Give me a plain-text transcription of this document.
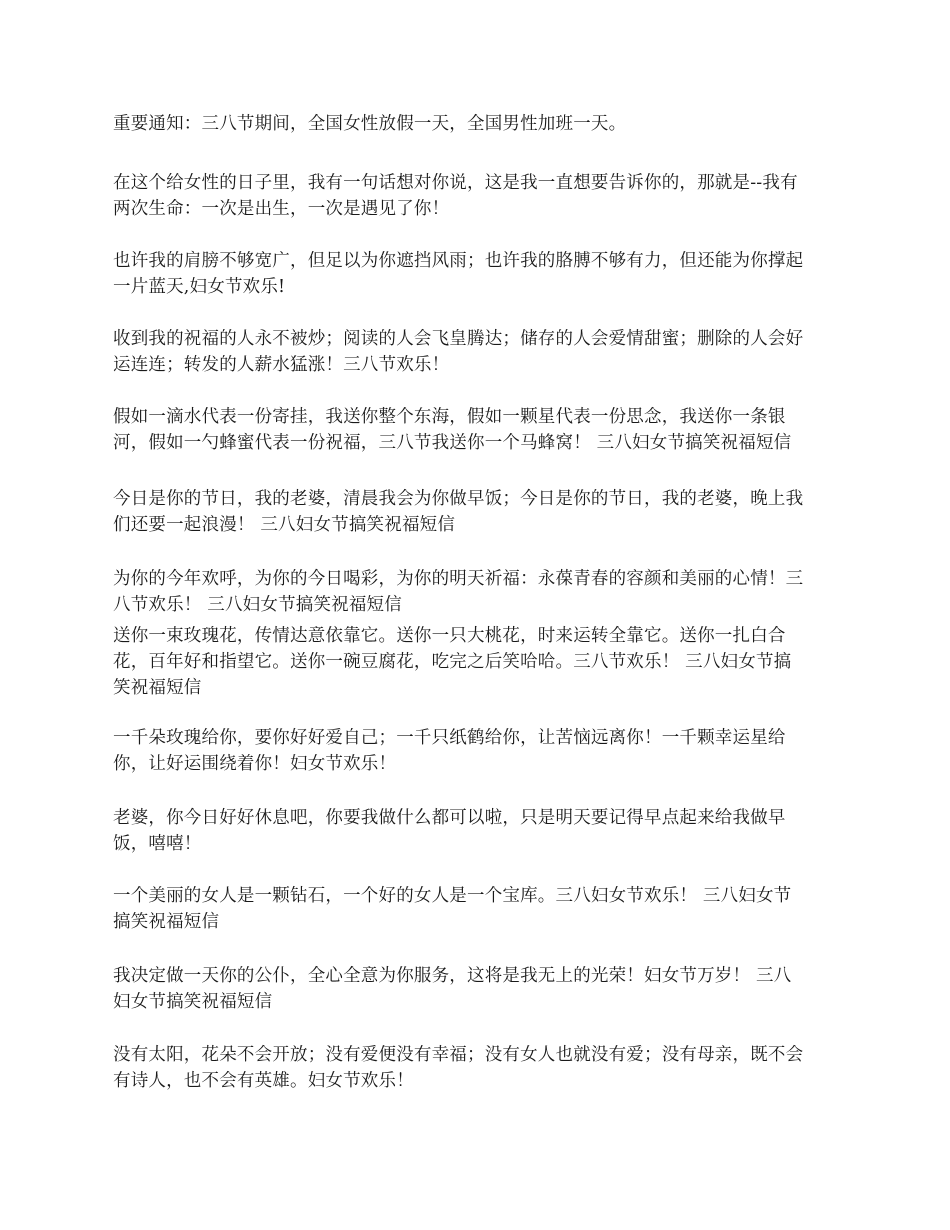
重要通知：三八节期间，全国女性放假一天，全国男性加班一天。

在这个给女性的日子里，我有一句话想对你说，这是我一直想要告诉你的，那就是--我有
两次生命：一次是出生，一次是遇见了你！

也许我的肩膀不够宽广，但足以为你遮挡风雨；也许我的胳膊不够有力，但还能为你撑起
一片蓝天,妇女节欢乐!

收到我的祝福的人永不被炒；阅读的人会飞皇腾达；储存的人会爱情甜蜜；删除的人会好
运连连；转发的人薪水猛涨！三八节欢乐！

假如一滴水代表一份寄挂，我送你整个东海，假如一颗星代表一份思念，我送你一条银
河，假如一勺蜂蜜代表一份祝福，三八节我送你一个马蜂窝！ 三八妇女节搞笑祝福短信

今日是你的节日，我的老婆，清晨我会为你做早饭；今日是你的节日，我的老婆，晚上我
们还要一起浪漫！ 三八妇女节搞笑祝福短信

为你的今年欢呼，为你的今日喝彩，为你的明天祈福：永葆青春的容颜和美丽的心情！三
八节欢乐！ 三八妇女节搞笑祝福短信

送你一束玫瑰花，传情达意依靠它。送你一只大桃花，时来运转全靠它。送你一扎白合
花，百年好和指望它。送你一碗豆腐花，吃完之后笑哈哈。三八节欢乐！ 三八妇女节搞
笑祝福短信

一千朵玫瑰给你，要你好好爱自己；一千只纸鹤给你，让苦恼远离你！一千颗幸运星给
你，让好运围绕着你！妇女节欢乐！

老婆，你今日好好休息吧，你要我做什么都可以啦，只是明天要记得早点起来给我做早
饭，嘻嘻！

一个美丽的女人是一颗钻石，一个好的女人是一个宝库。三八妇女节欢乐！ 三八妇女节
搞笑祝福短信

我决定做一天你的公仆，全心全意为你服务，这将是我无上的光荣！妇女节万岁！ 三八
妇女节搞笑祝福短信

没有太阳，花朵不会开放；没有爱便没有幸福；没有女人也就没有爱；没有母亲，既不会
有诗人，也不会有英雄。妇女节欢乐！
